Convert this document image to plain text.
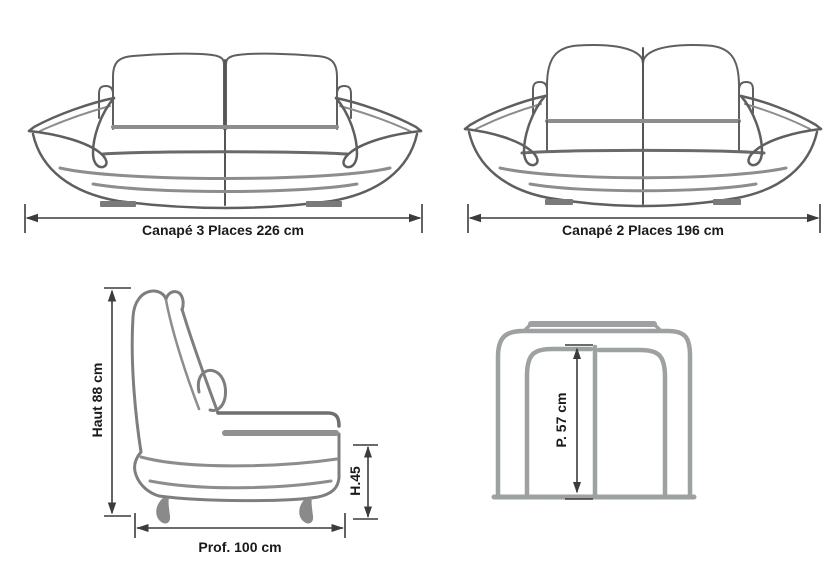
Canapé 3 Places 226 cm	Canapé 2 Places 196 cm
Haut 88 cm
H.45
Prof. 100 cm
P. 57 cm
